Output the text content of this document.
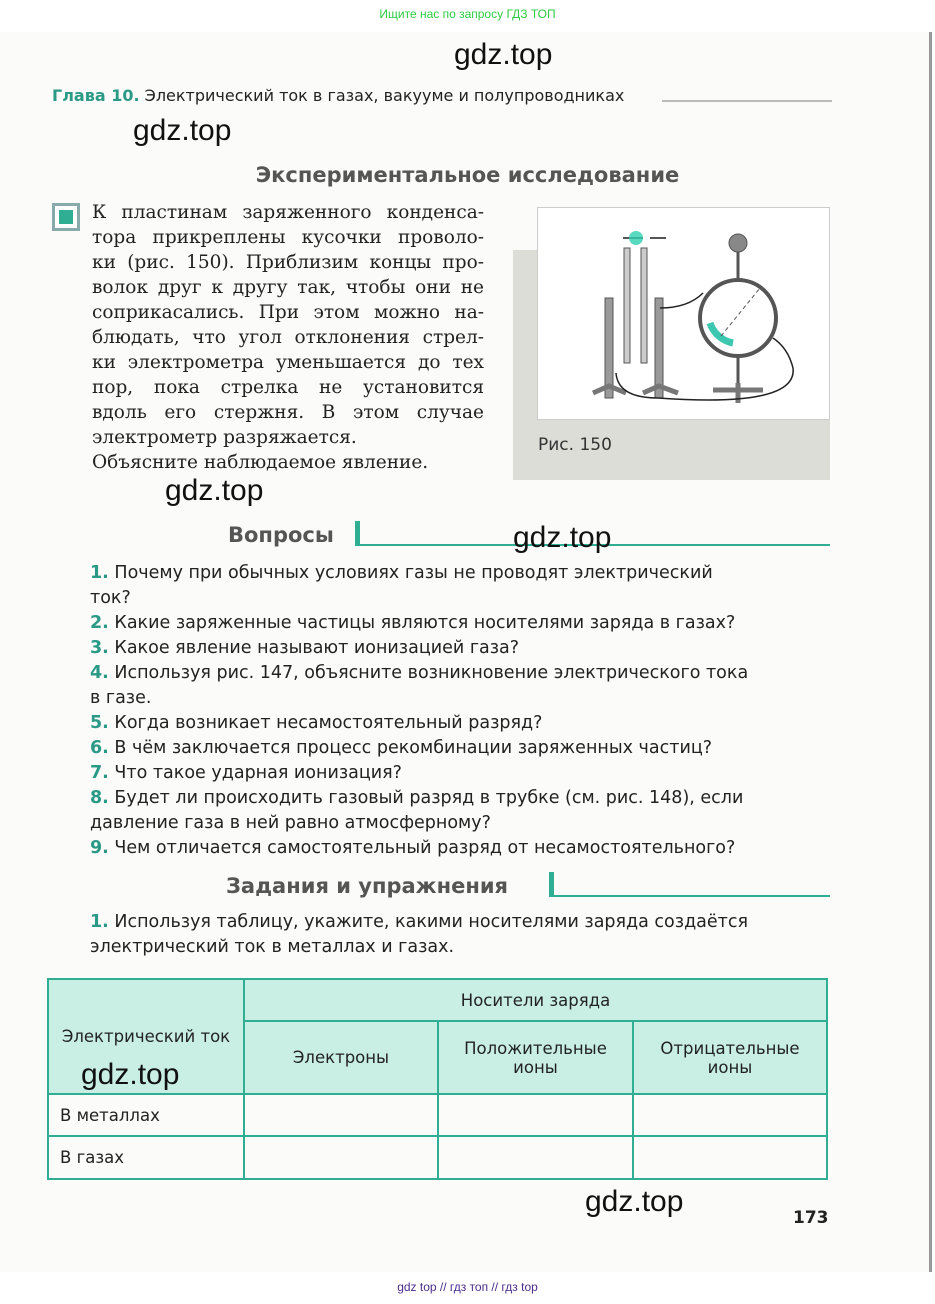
Ищите нас по запросу ГДЗ ТОП
Глава 10. Электрический ток в газах, вакууме и полупроводниках
Экспериментальное исследование
К пластинам заряженного конденса-
тора прикреплены кусочки проволо-
ки (рис. 150). Приблизим концы про-
волок друг к другу так, чтобы они не
соприкасались. При этом можно на-
блюдать, что угол отклонения стрел-
ки электрометра уменьшается до тех
пор, пока стрелка не установится
вдоль его стержня. В этом случае
электрометр разряжается.
Объясните наблюдаемое явление.
Рис. 150
Вопросы
1. Почему при обычных условиях газы не проводят электрический
ток?
2. Какие заряженные частицы являются носителями заряда в газах?
3. Какое явление называют ионизацией газа?
4. Используя рис. 147, объясните возникновение электрического тока
в газе.
5. Когда возникает несамостоятельный разряд?
6. В чём заключается процесс рекомбинации заряженных частиц?
7. Что такое ударная ионизация?
8. Будет ли происходить газовый разряд в трубке (см. рис. 148), если
давление газа в ней равно атмосферному?
9. Чем отличается самостоятельный разряд от несамостоятельного?
Задания и упражнения
1. Используя таблицу, укажите, какими носителями заряда создаётся
электрический ток в металлах и газах.
Электрический ток	Носители заряда		
	Электроны	Положительные ионы	Отрицательные ионы
В металлах			
В газах			
173
gdz.top
gdz.top
gdz.top
gdz.top
gdz.top
gdz.top
gdz top // гдз топ // гдз top
